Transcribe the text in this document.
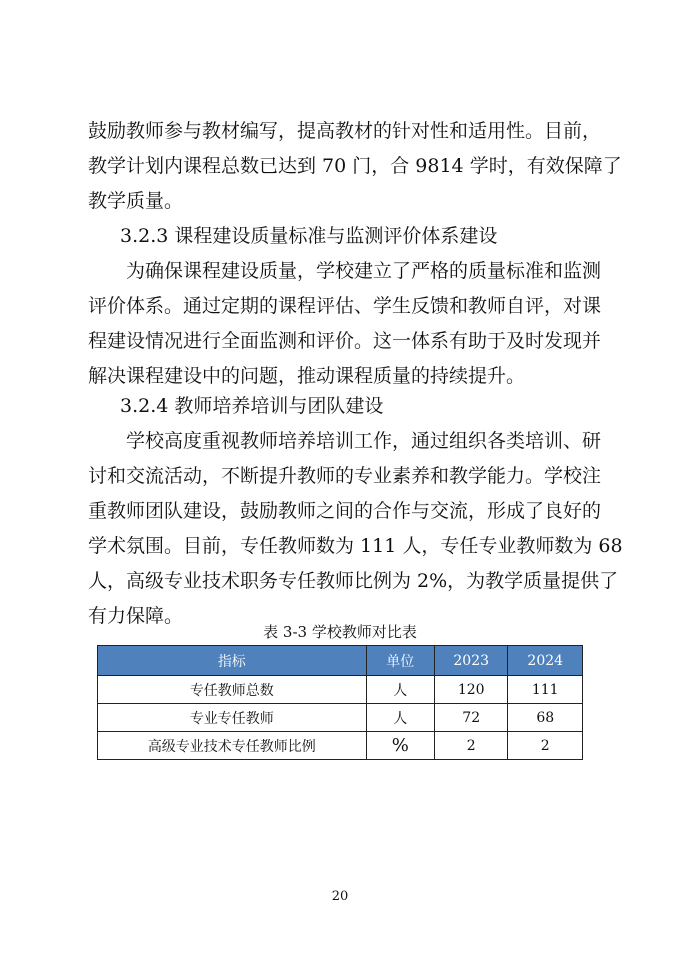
鼓励教师参与教材编写，提高教材的针对性和适用性。目前，
教学计划内课程总数已达到 70 门，合 9814 学时，有效保障了
教学质量。

3.2.3 课程建设质量标准与监测评价体系建设

为确保课程建设质量，学校建立了严格的质量标准和监测
评价体系。通过定期的课程评估、学生反馈和教师自评，对课
程建设情况进行全面监测和评价。这一体系有助于及时发现并
解决课程建设中的问题，推动课程质量的持续提升。

3.2.4 教师培养培训与团队建设

学校高度重视教师培养培训工作，通过组织各类培训、研
讨和交流活动，不断提升教师的专业素养和教学能力。学校注
重教师团队建设，鼓励教师之间的合作与交流，形成了良好的
学术氛围。目前，专任教师数为 111 人，专任专业教师数为 68
人，高级专业技术职务专任教师比例为 2%，为教学质量提供了
有力保障。

表 3-3 学校教师对比表
指标	单位	2023	2024
专任教师总数	人	120	111
专业专任教师	人	72	68
高级专业技术专任教师比例	%	2	2
20
